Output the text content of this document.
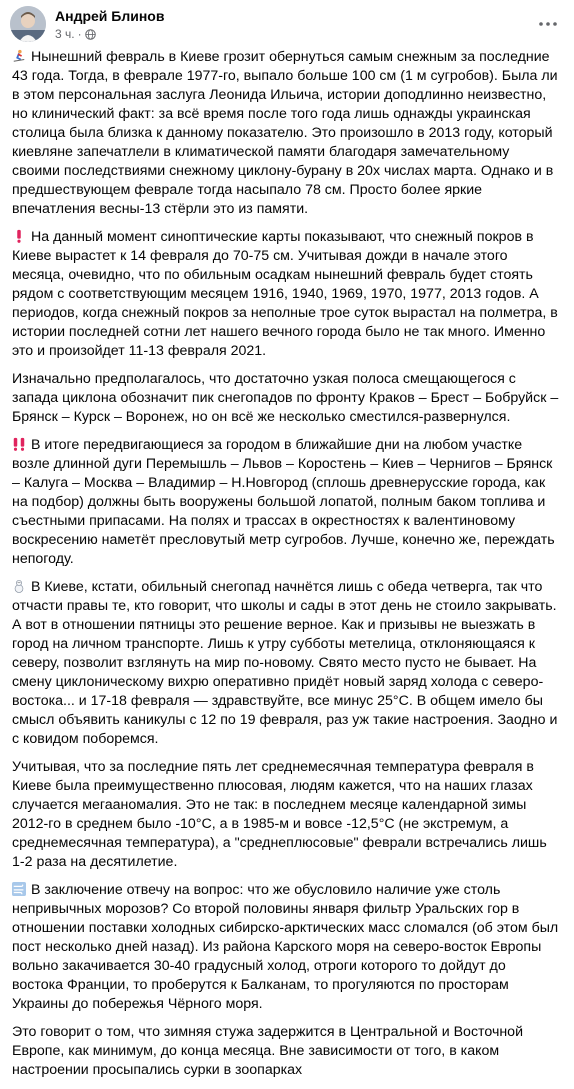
Андрей Блинов
3 ч. ·

Нынешний февраль в Киеве грозит обернуться самым снежным за последние 43 года. Тогда, в феврале 1977-го, выпало больше 100 см (1 м сугробов). Была ли в этом персональная заслуга Леонида Ильича, истории доподлинно неизвестно, но клинический факт: за всё время после того года лишь однажды украинская столица была близка к данному показателю. Это произошло в 2013 году, который киевляне запечатлели в климатической памяти благодаря замечательному своими последствиями снежному циклону-бурану в 20х числах марта. Однако и в предшествующем феврале тогда насыпало 78 см. Просто более яркие впечатления весны-13 стёрли это из памяти.

На данный момент синоптические карты показывают, что снежный покров в Киеве вырастет к 14 февраля до 70-75 см. Учитывая дожди в начале этого месяца, очевидно, что по обильным осадкам нынешний февраль будет стоять рядом с соответствующим месяцем 1916, 1940, 1969, 1970, 1977, 2013 годов. А периодов, когда снежный покров за неполные трое суток вырастал на полметра, в истории последней сотни лет нашего вечного города было не так много. Именно это и произойдет 11-13 февраля 2021.

Изначально предполагалось, что достаточно узкая полоса смещающегося с запада циклона обозначит пик снегопадов по фронту Краков – Брест – Бобруйск – Брянск – Курск – Воронеж, но он всё же несколько сместился-развернулся.

В итоге передвигающиеся за городом в ближайшие дни на любом участке возле длинной дуги Перемышль – Львов – Коростень – Киев – Чернигов – Брянск – Калуга – Москва – Владимир – Н.Новгород (сплошь древнерусские города, как на подбор) должны быть вооружены большой лопатой, полным баком топлива и съестными припасами. На полях и трассах в окрестностях к валентиновому воскресению наметёт пресловутый метр сугробов. Лучше, конечно же, переждать непогоду.

В Киеве, кстати, обильный снегопад начнётся лишь с обеда четверга, так что отчасти правы те, кто говорит, что школы и сады в этот день не стоило закрывать. А вот в отношении пятницы это решение верное. Как и призывы не выезжать в город на личном транспорте. Лишь к утру субботы метелица, отклоняющаяся к северу, позволит взглянуть на мир по-новому. Свято место пусто не бывает. На смену циклоническому вихрю оперативно придёт новый заряд холода с северо-востока... и 17-18 февраля — здравствуйте, все минус 25°С. В общем имело бы смысл объявить каникулы с 12 по 19 февраля, раз уж такие настроения. Заодно и с ковидом поборемся.

Учитывая, что за последние пять лет среднемесячная температура февраля в Киеве была преимущественно плюсовая, людям кажется, что на наших глазах случается мегааномалия. Это не так: в последнем месяце календарной зимы 2012-го в среднем было -10°С, а в 1985-м и вовсе -12,5°С (не экстремум, а среднемесячная температура), а "среднеплюсовые" феврали встречались лишь 1-2 раза на десятилетие.

В заключение отвечу на вопрос: что же обусловило наличие уже столь непривычных морозов? Со второй половины января фильтр Уральских гор в отношении поставки холодных сибирско-арктических масс сломался (об этом был пост несколько дней назад). Из района Карского моря на северо-восток Европы вольно закачивается 30-40 градусный холод, отроги которого то дойдут до востока Франции, то проберутся к Балканам, то прогуляются по просторам Украины до побережья Чёрного моря.

Это говорит о том, что зимняя стужа задержится в Центральной и Восточной Европе, как минимум, до конца месяца. Вне зависимости от того, в каком настроении просыпались сурки в зоопарках
